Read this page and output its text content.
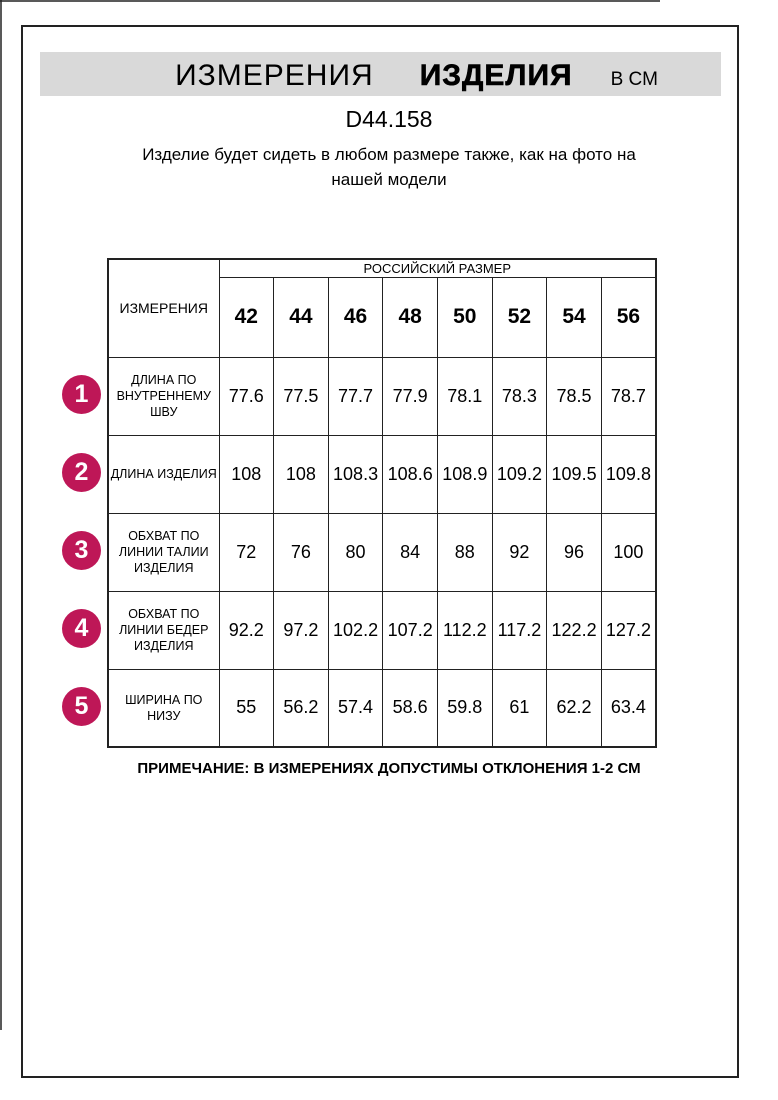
ИЗМЕРЕНИЯ ИЗДЕЛИЯ В СМ
D44.158
Изделие будет сидеть в любом размере также, как на фото на нашей модели
ИЗМЕРЕНИЯ	РОССИЙСКИЙ РАЗМЕР							
	42	44	46	48	50	52	54	56
ДЛИНА ПО ВНУТРЕННЕМУ ШВУ	77.6	77.5	77.7	77.9	78.1	78.3	78.5	78.7
ДЛИНА ИЗДЕЛИЯ	108	108	108.3	108.6	108.9	109.2	109.5	109.8
ОБХВАТ ПО ЛИНИИ ТАЛИИ ИЗДЕЛИЯ	72	76	80	84	88	92	96	100
ОБХВАТ ПО ЛИНИИ БЕДЕР ИЗДЕЛИЯ	92.2	97.2	102.2	107.2	112.2	117.2	122.2	127.2
ШИРИНА ПО НИЗУ	55	56.2	57.4	58.6	59.8	61	62.2	63.4
1
2
3
4
5
ПРИМЕЧАНИЕ: В ИЗМЕРЕНИЯХ ДОПУСТИМЫ ОТКЛОНЕНИЯ 1-2 СМ
